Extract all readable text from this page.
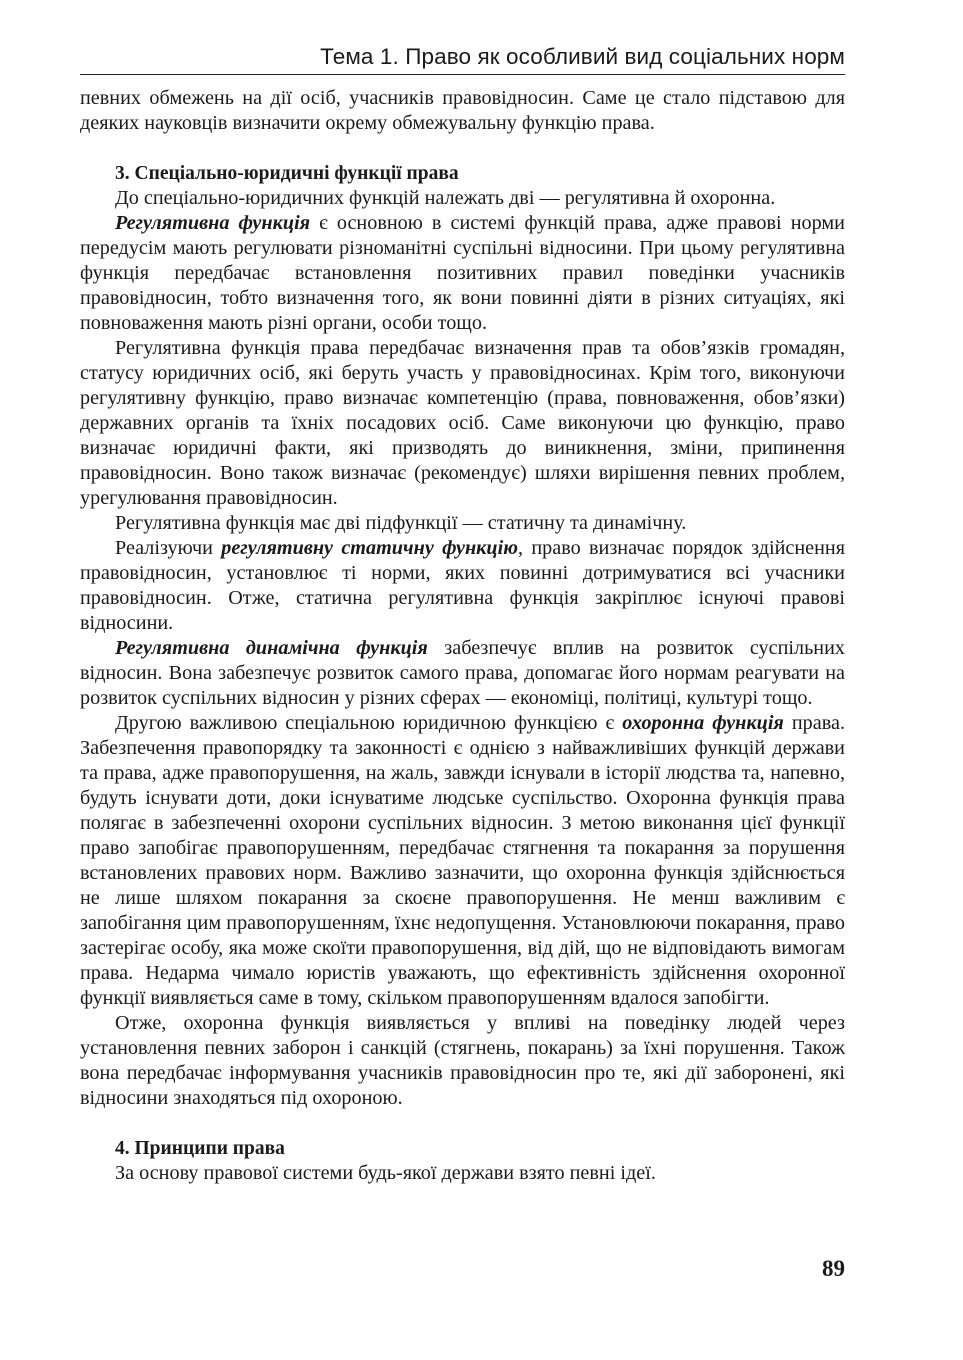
Тема 1. Право як особливий вид соціальних норм

певних обмежень на дії осіб, учасників правовідносин. Саме це стало підставою для деяких науковців визначити окрему обмежувальну функцію права.

3. Спеціально-юридичні функції права

До спеціально-юридичних функцій належать дві — регулятивна й охоронна.

Регулятивна функція є основною в системі функцій права, адже правові норми передусім мають регулювати різноманітні суспільні відносини. При цьому регулятивна функція передбачає встановлення позитивних правил поведінки учасників правовідносин, тобто визначення того, як вони повинні діяти в різних ситуаціях, які повноваження мають різні органи, особи тощо.

Регулятивна функція права передбачає визначення прав та обов’язків громадян, статусу юридичних осіб, які беруть участь у правовідносинах. Крім того, виконуючи регулятивну функцію, право визначає компетенцію (права, повноваження, обов’язки) державних органів та їхніх посадових осіб. Саме виконуючи цю функцію, право визначає юридичні факти, які призводять до виникнення, зміни, припинення правовідносин. Воно також визначає (рекомендує) шляхи вирішення певних проблем, урегулювання правовідносин.

Регулятивна функція має дві підфункції — статичну та динамічну.

Реалізуючи регулятивну статичну функцію, право визначає порядок здійснення правовідносин, установлює ті норми, яких повинні дотримуватися всі учасники правовідносин. Отже, статична регулятивна функція закріплює існуючі правові відносини.

Регулятивна динамічна функція забезпечує вплив на розвиток суспільних відносин. Вона забезпечує розвиток самого права, допомагає його нормам реагувати на розвиток суспільних відносин у різних сферах — економіці, політиці, культурі тощо.

Другою важливою спеціальною юридичною функцією є охоронна функція права. Забезпечення правопорядку та законності є однією з найважливіших функцій держави та права, адже правопорушення, на жаль, завжди існували в історії людства та, напевно, будуть існувати доти, доки існуватиме людське суспільство. Охоронна функція права полягає в забезпеченні охорони суспільних відносин. З метою виконання цієї функції право запобігає правопорушенням, передбачає стягнення та покарання за порушення встановлених правових норм. Важливо зазначити, що охоронна функція здійснюється не лише шляхом покарання за скоєне правопорушення. Не менш важливим є запобігання цим правопорушенням, їхнє недопущення. Установлюючи покарання, право застерігає особу, яка може скоїти правопорушення, від дій, що не відповідають вимогам права. Недарма чимало юристів уважають, що ефективність здійснення охоронної функції виявляється саме в тому, скільком правопорушенням вдалося запобігти.

Отже, охоронна функція виявляється у впливі на поведінку людей через установлення певних заборон і санкцій (стягнень, покарань) за їхні порушення. Також вона передбачає інформування учасників правовідносин про те, які дії заборонені, які відносини знаходяться під охороною.

4. Принципи права

За основу правової системи будь-якої держави взято певні ідеї.

89
